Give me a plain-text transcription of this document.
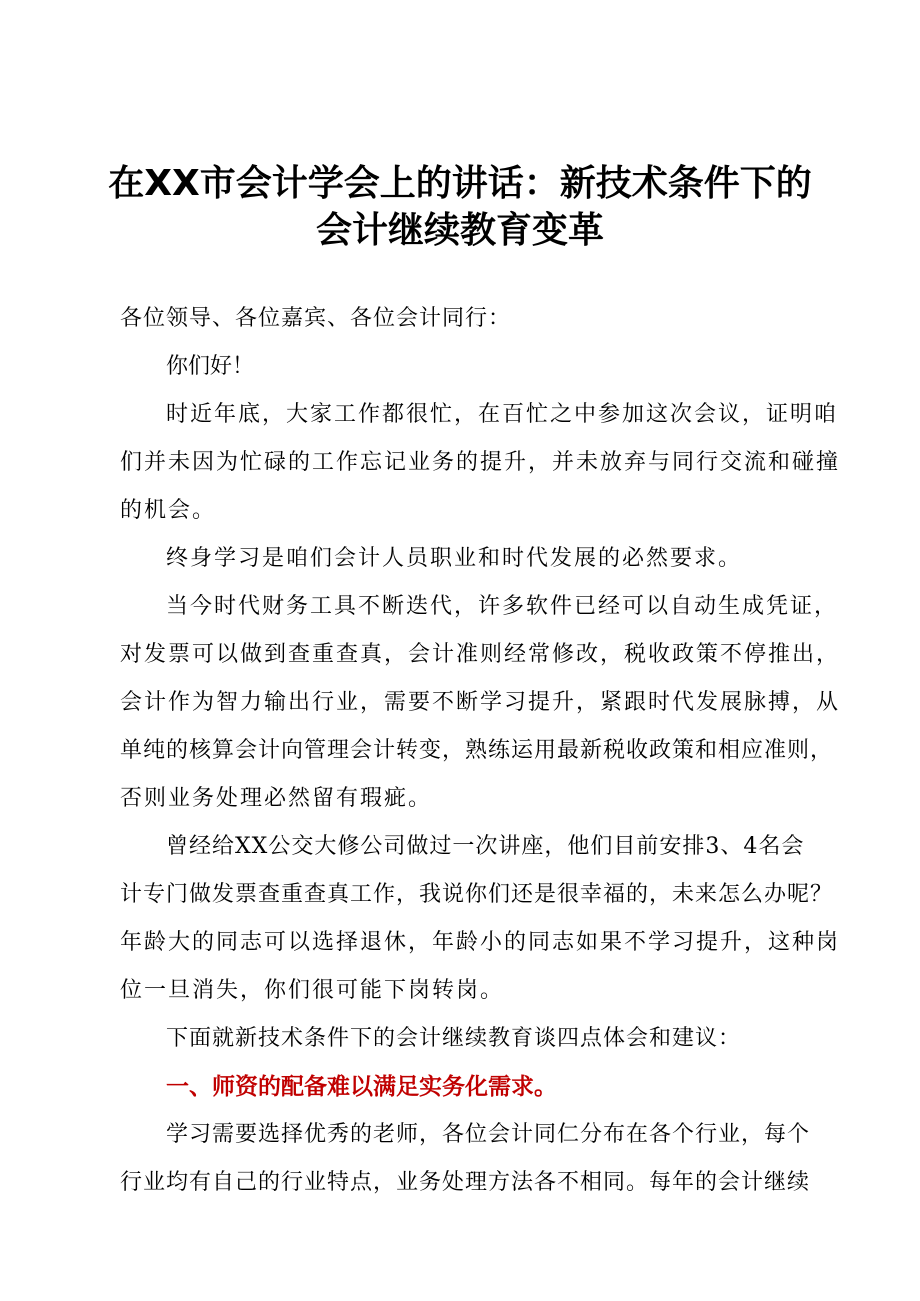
在XX市会计学会上的讲话：新技术条件下的
会计继续教育变革

各位领导、各位嘉宾、各位会计同行：

你们好！

时近年底，大家工作都很忙，在百忙之中参加这次会议，证明咱
们并未因为忙碌的工作忘记业务的提升，并未放弃与同行交流和碰撞
的机会。

终身学习是咱们会计人员职业和时代发展的必然要求。

当今时代财务工具不断迭代，许多软件已经可以自动生成凭证，
对发票可以做到查重查真，会计准则经常修改，税收政策不停推出，
会计作为智力输出行业，需要不断学习提升，紧跟时代发展脉搏，从
单纯的核算会计向管理会计转变，熟练运用最新税收政策和相应准则，
否则业务处理必然留有瑕疵。
曾经给XX公交大修公司做过一次讲座，他们目前安排3、4名会
计专门做发票查重查真工作，我说你们还是很幸福的，未来怎么办呢？
年龄大的同志可以选择退休，年龄小的同志如果不学习提升，这种岗
位一旦消失，你们很可能下岗转岗。

下面就新技术条件下的会计继续教育谈四点体会和建议：

一、师资的配备难以满足实务化需求。
学习需要选择优秀的老师，各位会计同仁分布在各个行业，每个
行业均有自己的行业特点，业务处理方法各不相同。每年的会计继续
